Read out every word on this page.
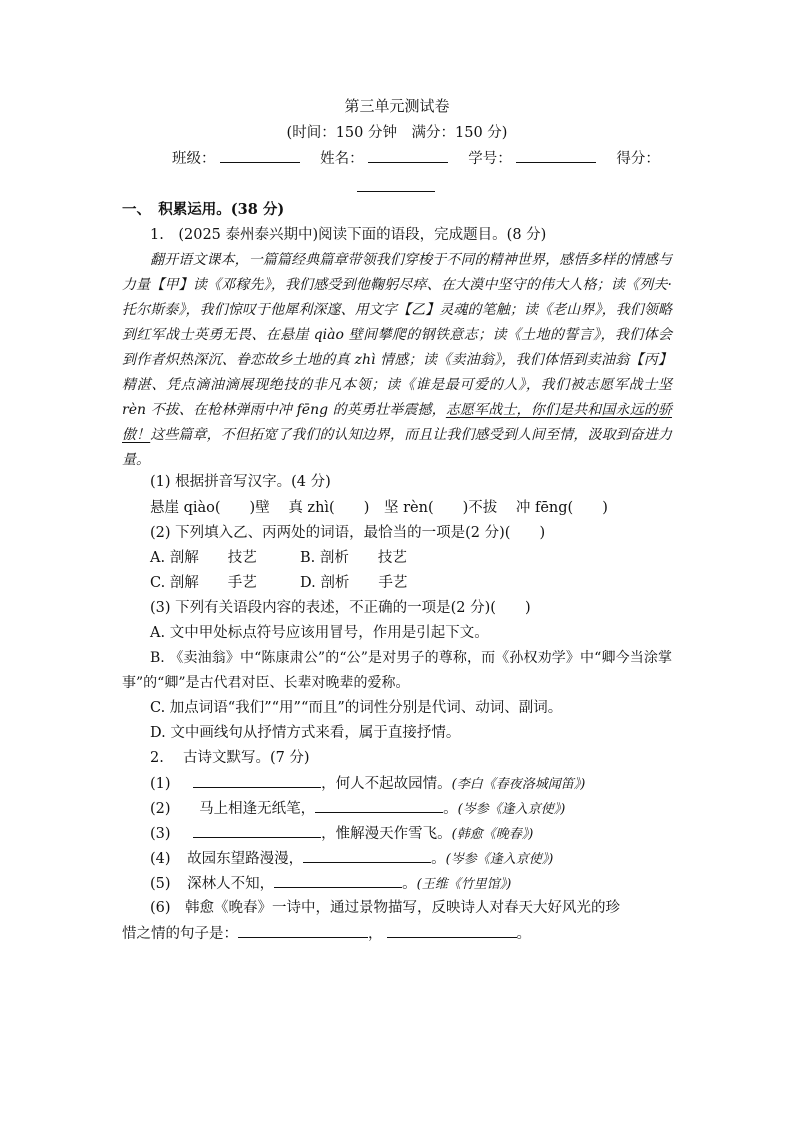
第三单元测试卷
(时间：150 分钟　满分：150 分)
班级：	姓名：	学号：	得分：
一、　积累运用。(38 分)
1.　(2025 泰州泰兴期中)阅读下面的语段，完成题目。(8 分)
翻开语文课本，一篇篇经典篇章带领我们穿梭于不同的精神世界，感悟多样的情感与力量【甲】读《邓稼先》，我们感受到他鞠躬尽瘁、在大漠中坚守的伟大人格；读《列夫·托尔斯泰》，我们惊叹于他犀利深邃、用文字【乙】灵魂的笔触；读《老山界》，我们领略到红军战士英勇无畏、在悬崖 qiào 壁间攀爬的钢铁意志；读《土地的誓言》，我们体会到作者炽热深沉、眷恋故乡土地的真 zhì 情感；读《卖油翁》，我们体悟到卖油翁【丙】精湛、凭点滴油滴展现绝技的非凡本领；读《谁是最可爱的人》，我们被志愿军战士坚 rèn 不拔、在枪林弹雨中冲 fēng 的英勇壮举震撼，志愿军战士，你们是共和国永远的骄傲！这些篇章，不但拓宽了我们的认知边界，而且让我们感受到人间至情，汲取到奋进力量。
(1) 根据拼音写汉字。(4 分)
悬崖 qiào(　　)壁 真 zhì(　　) 坚 rèn(　　)不拔 冲 fēng(　　)
(2) 下列填入乙、丙两处的词语，最恰当的一项是(2 分)(　　)
A. 剖解　　技艺	B. 剖析　　技艺
C. 剖解　　手艺	D. 剖析　　手艺
(3) 下列有关语段内容的表述，不正确的一项是(2 分)(　　)
A. 文中甲处标点符号应该用冒号，作用是引起下文。
B. 《卖油翁》中“陈康肃公”的“公”是对男子的尊称，而《孙权劝学》中“卿今当涂掌事”的“卿”是古代君对臣、长辈对晚辈的爱称。
C. 加点词语“我们”“用”“而且”的词性分别是代词、动词、副词。
D. 文中画线句从抒情方式来看，属于直接抒情。
2.　 古诗文默写。(7 分)
(1)	，何人不起故园情。(李白《春夜洛城闻笛》)
(2) 马上相逢无纸笔，	。(岑参《逢入京使》)
(3)	，惟解漫天作雪飞。(韩愈《晚春》)
(4) 故园东望路漫漫，	。(岑参《逢入京使》)
(5) 深林人不知，	。(王维《竹里馆》)
(6)　韩愈《晚春》一诗中，通过景物描写，反映诗人对春天大好风光的珍
惜之情的句子是：	，	。
